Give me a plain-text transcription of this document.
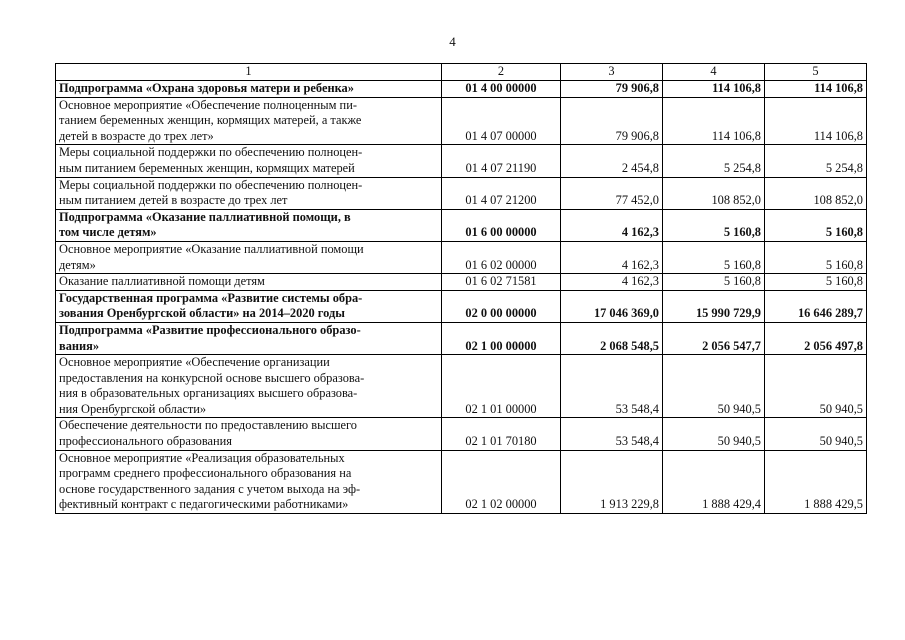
4
1	2	3	4	5
Подпрограмма «Охрана здоровья матери и ребенка»	01 4 00 00000	79 906,8	114 106,8	114 106,8
Основное мероприятие «Обеспечение полноценным пи-
танием беременных женщин, кормящих матерей, а также
детей в возрасте до трех лет»	01 4 07 00000	79 906,8	114 106,8	114 106,8
Меры социальной поддержки по обеспечению полноцен-
ным питанием беременных женщин, кормящих матерей	01 4 07 21190	2 454,8	5 254,8	5 254,8
Меры социальной поддержки по обеспечению полноцен-
ным питанием детей в возрасте до трех лет	01 4 07 21200	77 452,0	108 852,0	108 852,0
Подпрограмма «Оказание паллиативной помощи, в
том числе детям»	01 6 00 00000	4 162,3	5 160,8	5 160,8
Основное мероприятие «Оказание паллиативной помощи
детям»	01 6 02 00000	4 162,3	5 160,8	5 160,8
Оказание паллиативной помощи детям	01 6 02 71581	4 162,3	5 160,8	5 160,8
Государственная программа «Развитие системы обра-
зования Оренбургской области» на 2014–2020 годы	02 0 00 00000	17 046 369,0	15 990 729,9	16 646 289,7
Подпрограмма «Развитие профессионального образо-
вания»	02 1 00 00000	2 068 548,5	2 056 547,7	2 056 497,8
Основное мероприятие «Обеспечение организации
предоставления на конкурсной основе высшего образова-
ния в образовательных организациях высшего образова-
ния Оренбургской области»	02 1 01 00000	53 548,4	50 940,5	50 940,5
Обеспечение деятельности по предоставлению высшего
профессионального образования	02 1 01 70180	53 548,4	50 940,5	50 940,5
Основное мероприятие «Реализация образовательных
программ среднего профессионального образования на
основе государственного задания с учетом выхода на эф-
фективный контракт с педагогическими работниками»	02 1 02 00000	1 913 229,8	1 888 429,4	1 888 429,5
